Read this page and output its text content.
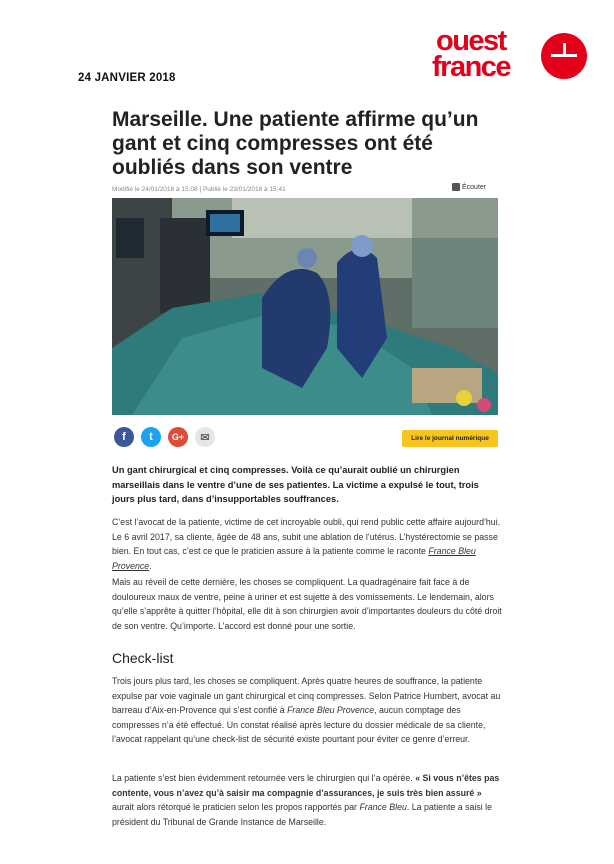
24 JANVIER 2018
ouest
france
Marseille. Une patiente affirme qu’un gant et cinq compresses ont été oubliés dans son ventre
Modifié le 24/01/2018 à 15:08 | Publié le 23/01/2018 à 15:41	Écouter
f	t	G+	✉	Lire le journal numérique

Un gant chirurgical et cinq compresses. Voilà ce qu’aurait oublié un chirurgien marseillais dans le ventre d’une de ses patientes. La victime a expulsé le tout, trois jours plus tard, dans d’insupportables souffrances.

C’est l’avocat de la patiente, victime de cet incroyable oubli, qui rend public cette affaire aujourd’hui. Le 6 avril 2017, sa cliente, âgée de 48 ans, subit une ablation de l’utérus. L’hystérectomie se passe bien. En tout cas, c’est ce que le praticien assure à la patiente comme le raconte France Bleu Provence.

Mais au réveil de cette dernière, les choses se compliquent. La quadragénaire fait face à de douloureux maux de ventre, peine à uriner et est sujette à des vomissements. Le lendemain, alors qu’elle s’apprête à quitter l’hôpital, elle dit à son chirurgien avoir d’importantes douleurs du côté droit de son ventre. Qu’importe. L’accord est donné pour une sortie.

Check-list

Trois jours plus tard, les choses se compliquent. Après quatre heures de souffrance, la patiente expulse par voie vaginale un gant chirurgical et cinq compresses. Selon Patrice Humbert, avocat au barreau d’Aix-en-Provence qui s’est confié à France Bleu Provence, aucun comptage des compresses n’a été effectué. Un constat réalisé après lecture du dossier médicale de sa cliente, l’avocat rappelant qu’une check-list de sécurité existe pourtant pour éviter ce genre d’erreur.

La patiente s’est bien évidemment retournée vers le chirurgien qui l’a opérée. « Si vous n’êtes pas contente, vous n’avez qu’à saisir ma compagnie d’assurances, je suis très bien assuré » aurait alors rétorqué le praticien selon les propos rapportés par France Bleu. La patiente a saisi le président du Tribunal de Grande Instance de Marseille.
